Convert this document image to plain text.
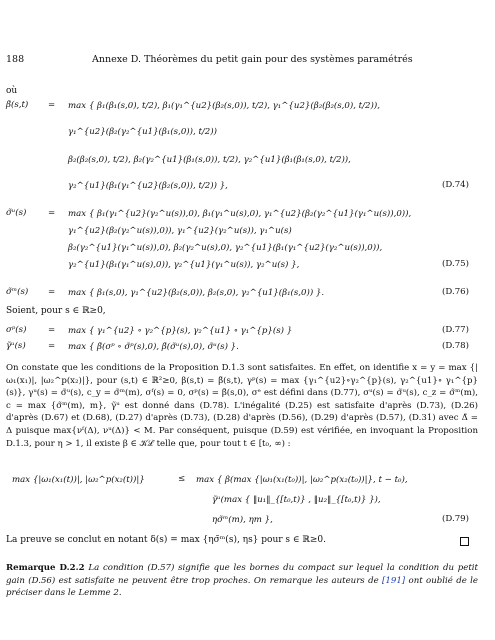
188	Annexe D. Théorèmes du petit gain pour des systèmes paramétrés
où
β̃(s,t) = max { β₁(β₁(s,0), t/2), β₁(γ₁^{u2}(β₂(s,0)), t/2), γ₁^{u2}(β₂(β₂(s,0), t/2)),
γ₁^{u2}(β₂(γ₂^{u1}(β₁(s,0)), t/2))
β₂(β₂(s,0), t/2), β₂(γ₂^{u1}(β₁(s,0)), t/2), γ₂^{u1}(β₁(β₁(s,0), t/2)),
γ₂^{u1}(β₁(γ₁^{u2}(β₂(s,0)), t/2)) },	(D.74)
σ̃ᵘ(s)	= max { β₁(γ₁^{u2}(γ₂^u(s)),0), β₁(γ₁^u(s),0), γ₁^{u2}(β₂(γ₂^{u1}(γ₁^u(s)),0)),
γ₁^{u2}(β₂(γ₂^u(s)),0)), γ₁^{u2}(γ₂^u(s)), γ₁^u(s)
β₂(γ₂^{u1}(γ₁^u(s)),0), β₂(γ₂^u(s),0), γ₂^{u1}(β₁(γ₁^{u2}(γ₂^u(s)),0)),
γ₂^{u1}(β₁(γ₁^u(s),0)), γ₂^{u1}(γ₁^u(s)), γ₂^u(s) },	(D.75)
σ̃ᵐ(s) = max { β₁(s,0), γ₁^{u2}(β₂(s,0)), β₂(s,0), γ₂^{u1}(β₁(s,0)) }.	(D.76)
Soient, pour s ∈ ℝ≥0,
σᵖ(s)	= max { γ₁^{u2} ∘ γ₂^{p}(s), γ₂^{u1} ∘ γ₁^{p}(s) }	(D.77)
γ̃ᵘ(s)	= max { β̃(σᵖ ∘ σ̃ᵖ(s),0), β̃(σ̃ᵘ(s),0), σ̃ᵘ(s) }.	(D.78)
On constate que les conditions de la Proposition D.1.3 sont satisfaites. En effet, on identifie x = y = max {|ω₁(x₁)|, |ω₂^p(x₂)|}, pour (s,t) ∈ ℝ²≥0, β(s,t) = β̃(s,t), γᵖ(s) = max {γ₁^{u2}∘γ₂^{p}(s), γ₂^{u1}∘ γ₁^{p}(s)}, γᵘ(s) = σ̃ᵘ(s), c_y = σ̃ᵐ(m), σᶠ(s) = 0, σᵖ(s) = β̃(s,0), σᵉ est défini dans (D.77), σᵘ(s) = σ̃ᵘ(s), c_z = σ̃ᵐ(m), c = max {σ̃ᵐ(m), m}, γ̃ᵘ est donné dans (D.78). L'inégalité (D.25) est satisfaite d'après (D.73), (D.26) d'après (D.67) et (D.68), (D.27) d'après (D.73), (D.28) d'après (D.56), (D.29) d'après (D.57), (D.31) avec Δ̃ = Δ puisque max{νᶠ(Δ), νᵘ(Δ)} < M. Par conséquent, puisque (D.59) est vérifiée, en invoquant la Proposition D.1.3, pour η > 1, il existe β ∈ 𝒦ℒ telle que, pour tout t ∈ [t₀, ∞) :
max {|ω₁(x₁(t))|, |ω₂^p(x₂(t))|}	≤ max { β(max {|ω₁(x₁(t₀))|, |ω₂^p(x₂(t₀))|}, t − t₀),
γ̃ᵘ(max { ‖u₁‖_{[t₀,t)} , ‖u₂‖_{[t₀,t)} }),
ησ̃ᵐ(m), ηm },	(D.79)
La preuve se conclut en notant δ(s) = max {ησ̃ᵐ(s), ηs} pour s ∈ ℝ≥0.
Remarque D.2.2 La condition (D.57) signifie que les bornes du compact sur lequel la condition du petit gain (D.56) est satisfaite ne peuvent être trop proches. On remarque les auteurs de [191] ont oublié de le préciser dans le Lemme 2.
